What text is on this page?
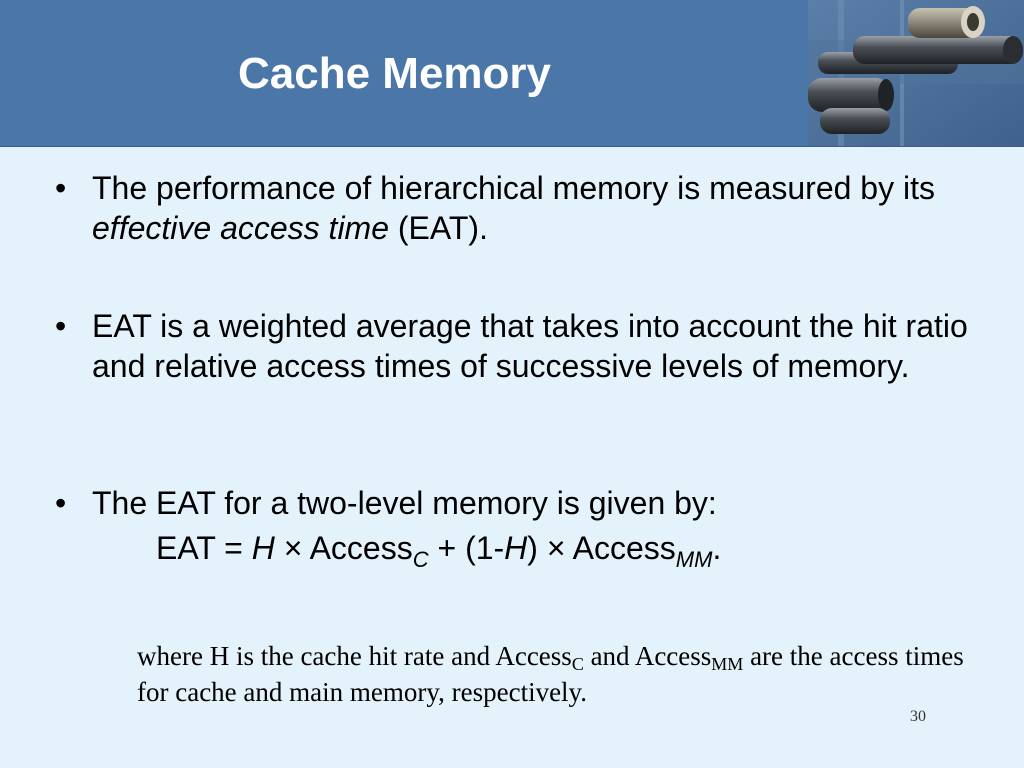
Cache Memory
• The performance of hierarchical memory is measured by its effective access time (EAT).
• EAT is a weighted average that takes into account the hit ratio and relative access times of successive levels of memory.
• The EAT for a two-level memory is given by:
EAT = H × Access$_C$ + (1-H) × Access$_{MM}$.
where H is the cache hit rate and Access$_C$ and Access$_{MM}$ are the access times for cache and main memory, respectively.
30
